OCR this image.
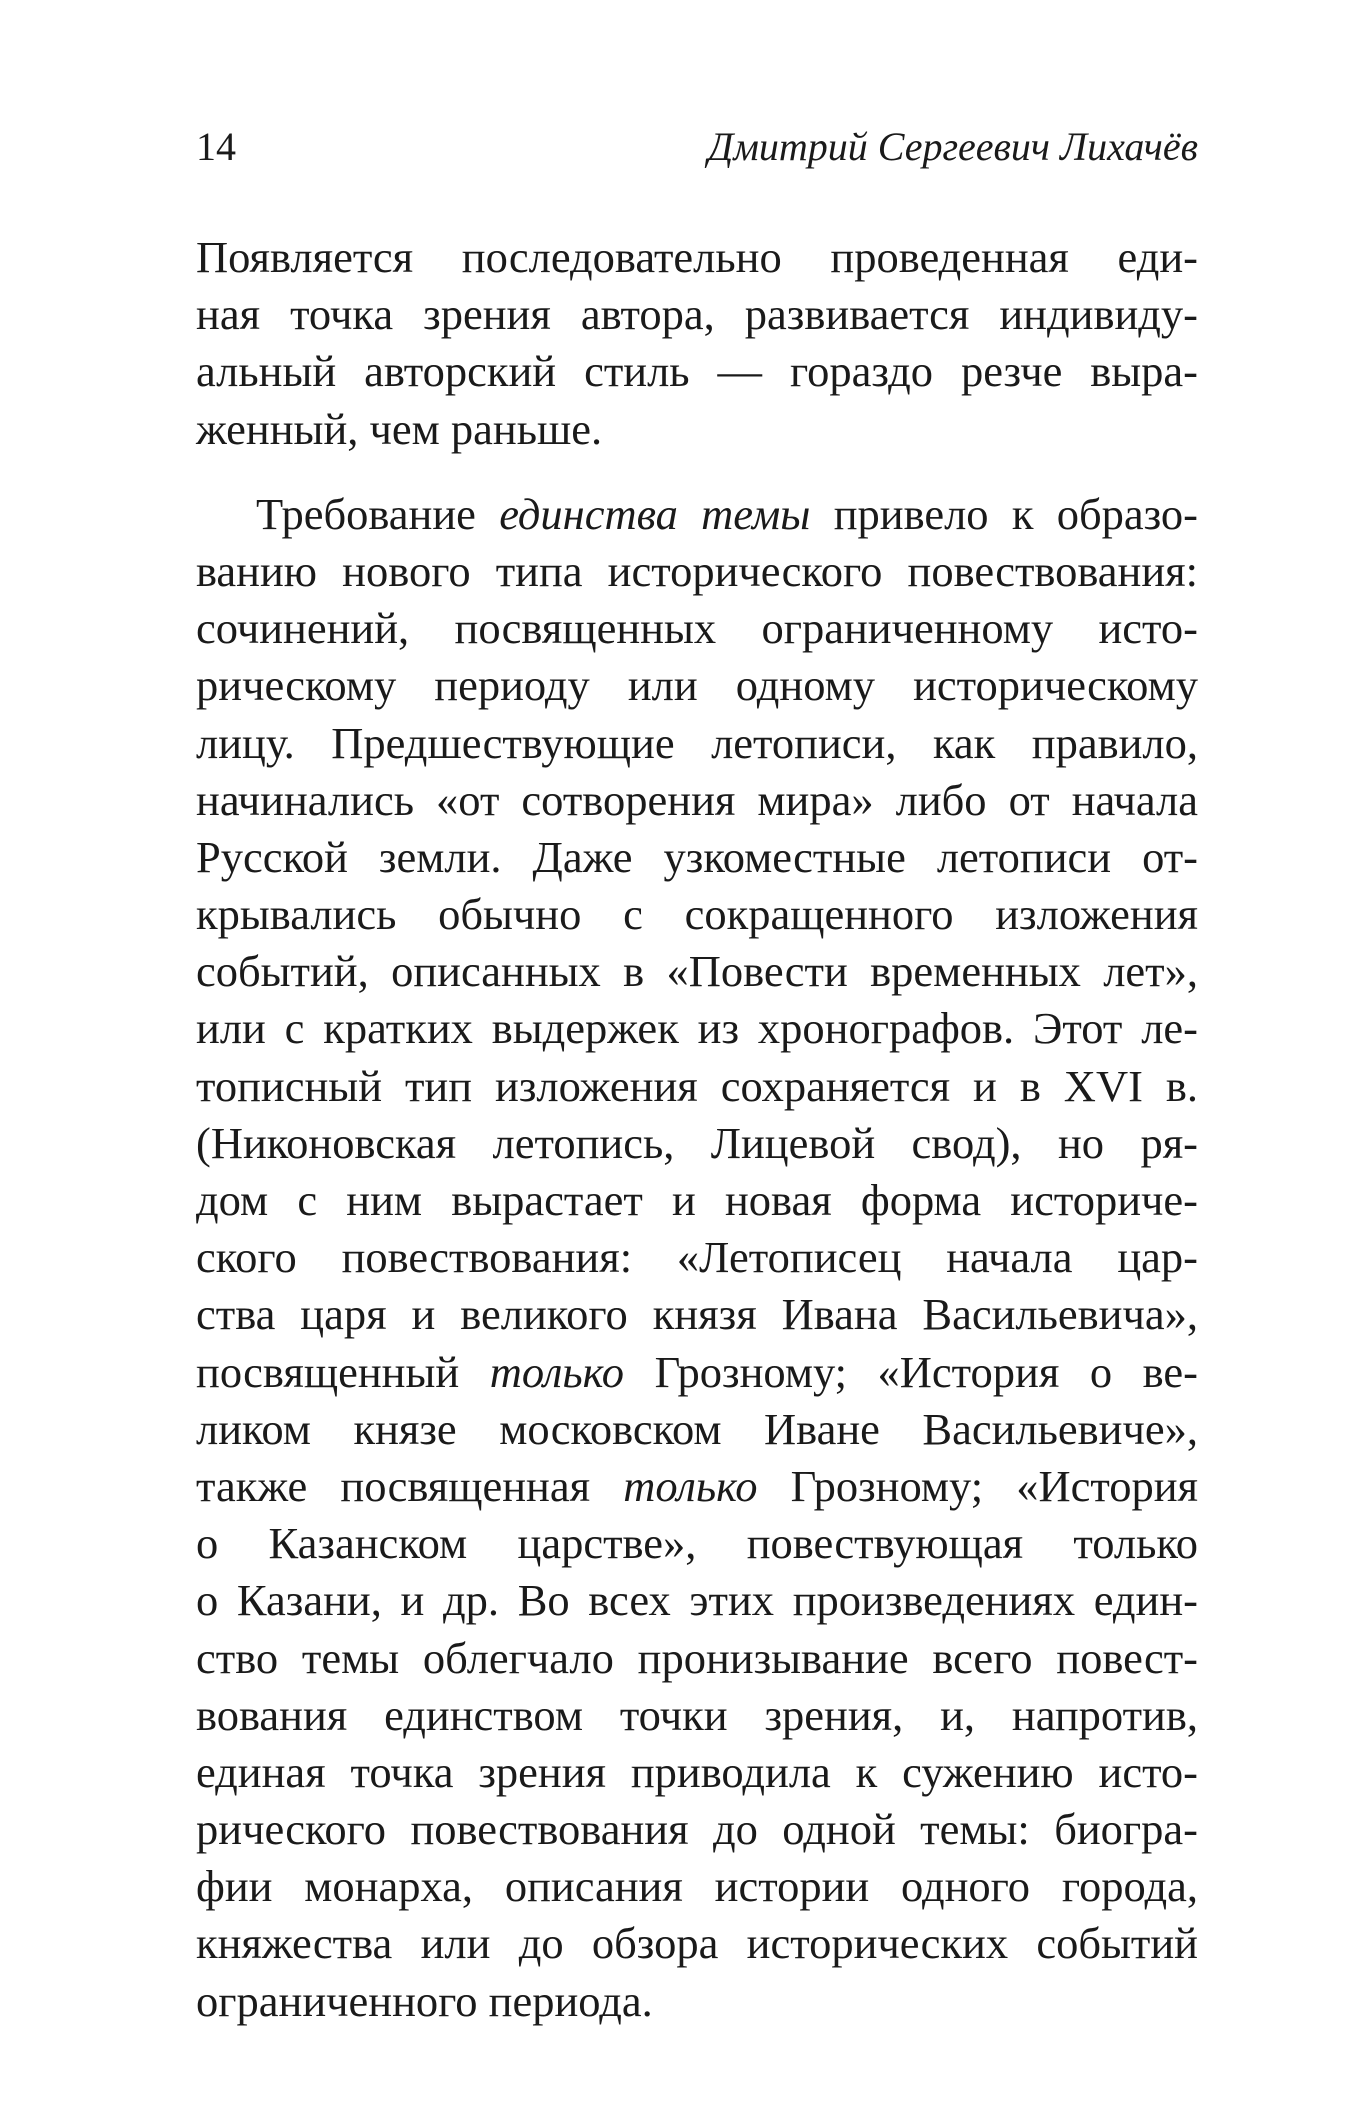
14	Дмитрий Сергеевич Лихачёв
Появляется последовательно проведенная еди-
ная точка зрения автора, развивается индивиду-
альный авторский стиль — гораздо резче выра-
женный, чем раньше.
Требование единства темы привело к образо-
ванию нового типа исторического повествования:
сочинений, посвященных ограниченному исто-
рическому периоду или одному историческому
лицу. Предшествующие летописи, как правило,
начинались «от сотворения мира» либо от начала
Русской земли. Даже узкоместные летописи от-
крывались обычно с сокращенного изложения
событий, описанных в «Повести временных лет»,
или с кратких выдержек из хронографов. Этот ле-
тописный тип изложения сохраняется и в XVI в.
(Никоновская летопись, Лицевой свод), но ря-
дом с ним вырастает и новая форма историче-
ского повествования: «Летописец начала цар-
ства царя и великого князя Ивана Васильевича»,
посвященный только Грозному; «История о ве-
ликом князе московском Иване Васильевиче»,
также посвященная только Грозному; «История
о Казанском царстве», повествующая только
о Казани, и др. Во всех этих произведениях един-
ство темы облегчало пронизывание всего повест-
вования единством точки зрения, и, напротив,
единая точка зрения приводила к сужению исто-
рического повествования до одной темы: биогра-
фии монарха, описания истории одного города,
княжества или до обзора исторических событий
ограниченного периода.
